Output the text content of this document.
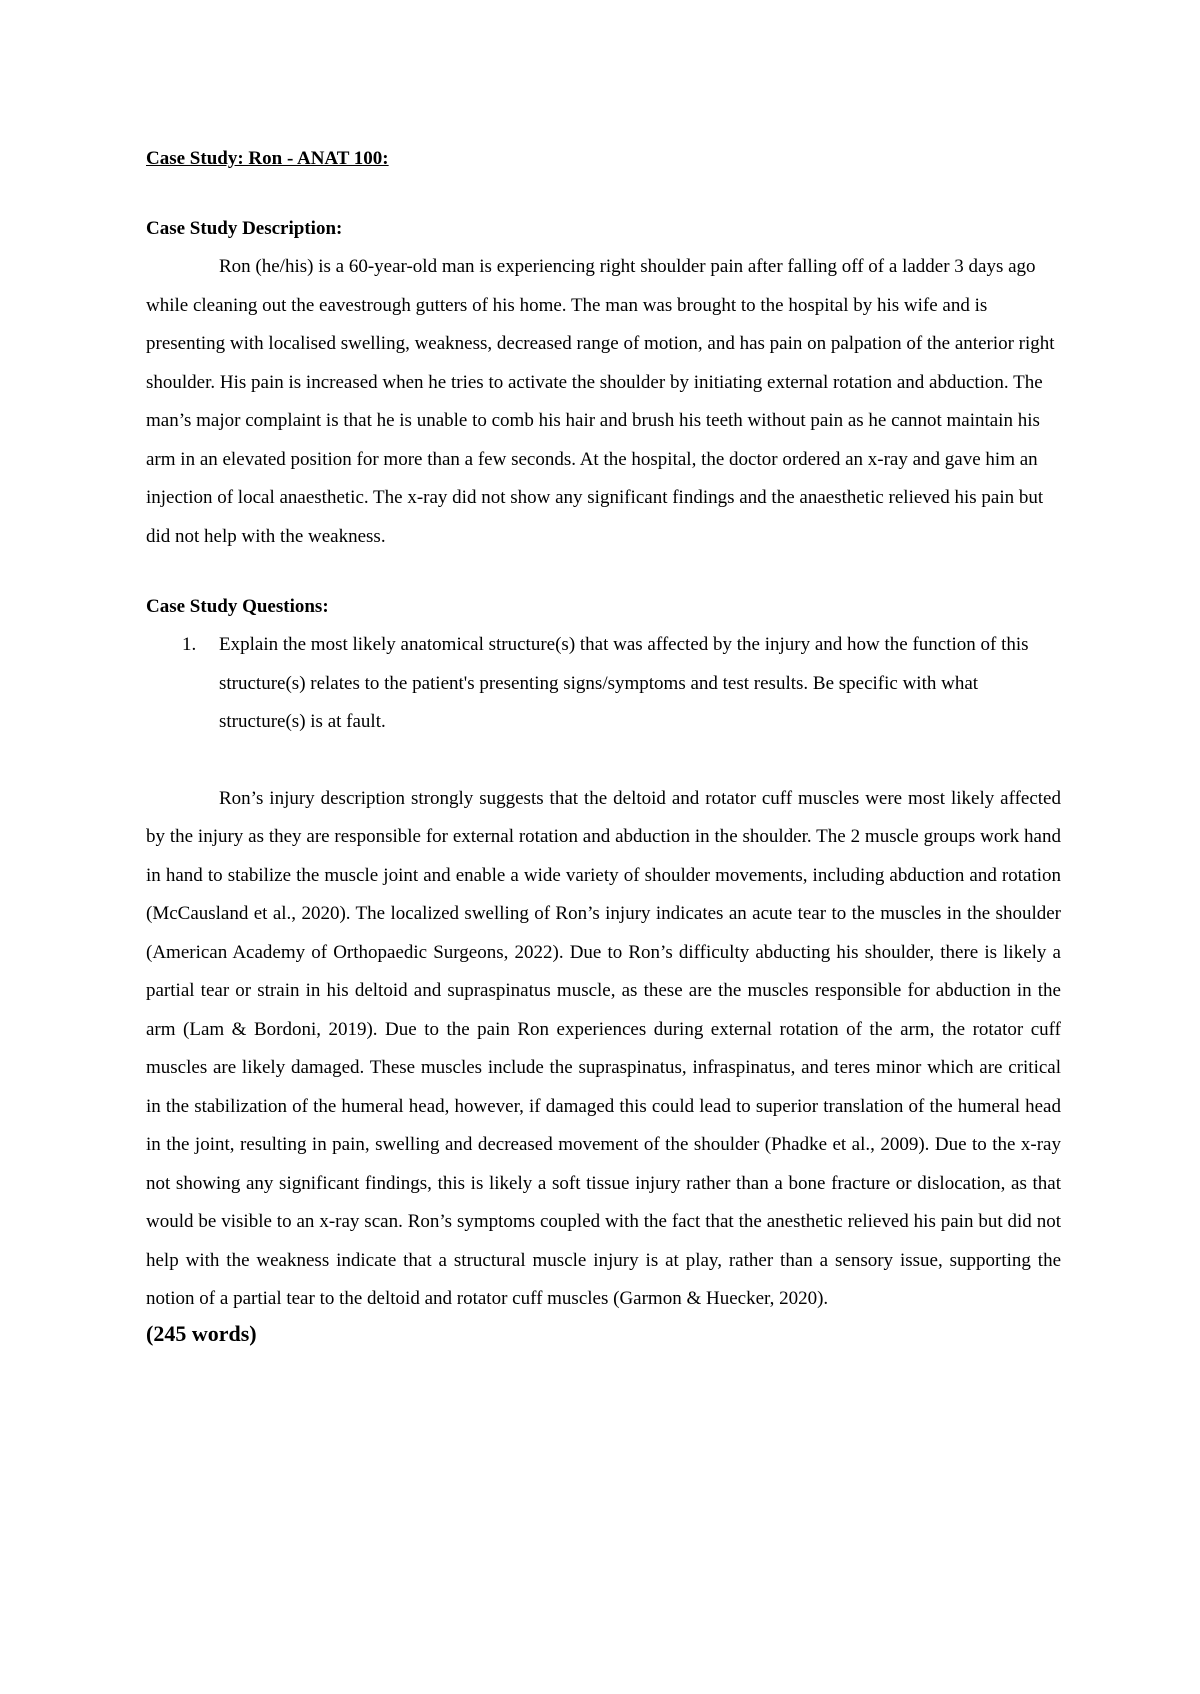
Case Study: Ron - ANAT 100:

Case Study Description:

Ron (he/his) is a 60-year-old man is experiencing right shoulder pain after falling off of a ladder 3 days ago while cleaning out the eavestrough gutters of his home. The man was brought to the hospital by his wife and is presenting with localised swelling, weakness, decreased range of motion, and has pain on palpation of the anterior right shoulder. His pain is increased when he tries to activate the shoulder by initiating external rotation and abduction. The man’s major complaint is that he is unable to comb his hair and brush his teeth without pain as he cannot maintain his arm in an elevated position for more than a few seconds. At the hospital, the doctor ordered an x-ray and gave him an injection of local anaesthetic. The x-ray did not show any significant findings and the anaesthetic relieved his pain but did not help with the weakness.

Case Study Questions:

1.	Explain the most likely anatomical structure(s) that was affected by the injury and how the function of this structure(s) relates to the patient's presenting signs/symptoms and test results. Be specific with what structure(s) is at fault.

Ron’s injury description strongly suggests that the deltoid and rotator cuff muscles were most likely affected by the injury as they are responsible for external rotation and abduction in the shoulder. The 2 muscle groups work hand in hand to stabilize the muscle joint and enable a wide variety of shoulder movements, including abduction and rotation (McCausland et al., 2020). The localized swelling of Ron’s injury indicates an acute tear to the muscles in the shoulder (American Academy of Orthopaedic Surgeons, 2022). Due to Ron’s difficulty abducting his shoulder, there is likely a partial tear or strain in his deltoid and supraspinatus muscle, as these are the muscles responsible for abduction in the arm (Lam & Bordoni, 2019). Due to the pain Ron experiences during external rotation of the arm, the rotator cuff muscles are likely damaged. These muscles include the supraspinatus, infraspinatus, and teres minor which are critical in the stabilization of the humeral head, however, if damaged this could lead to superior translation of the humeral head in the joint, resulting in pain, swelling and decreased movement of the shoulder (Phadke et al., 2009). Due to the x-ray not showing any significant findings, this is likely a soft tissue injury rather than a bone fracture or dislocation, as that would be visible to an x-ray scan. Ron’s symptoms coupled with the fact that the anesthetic relieved his pain but did not help with the weakness indicate that a structural muscle injury is at play, rather than a sensory issue, supporting the notion of a partial tear to the deltoid and rotator cuff muscles (Garmon & Huecker, 2020).

(245 words)
